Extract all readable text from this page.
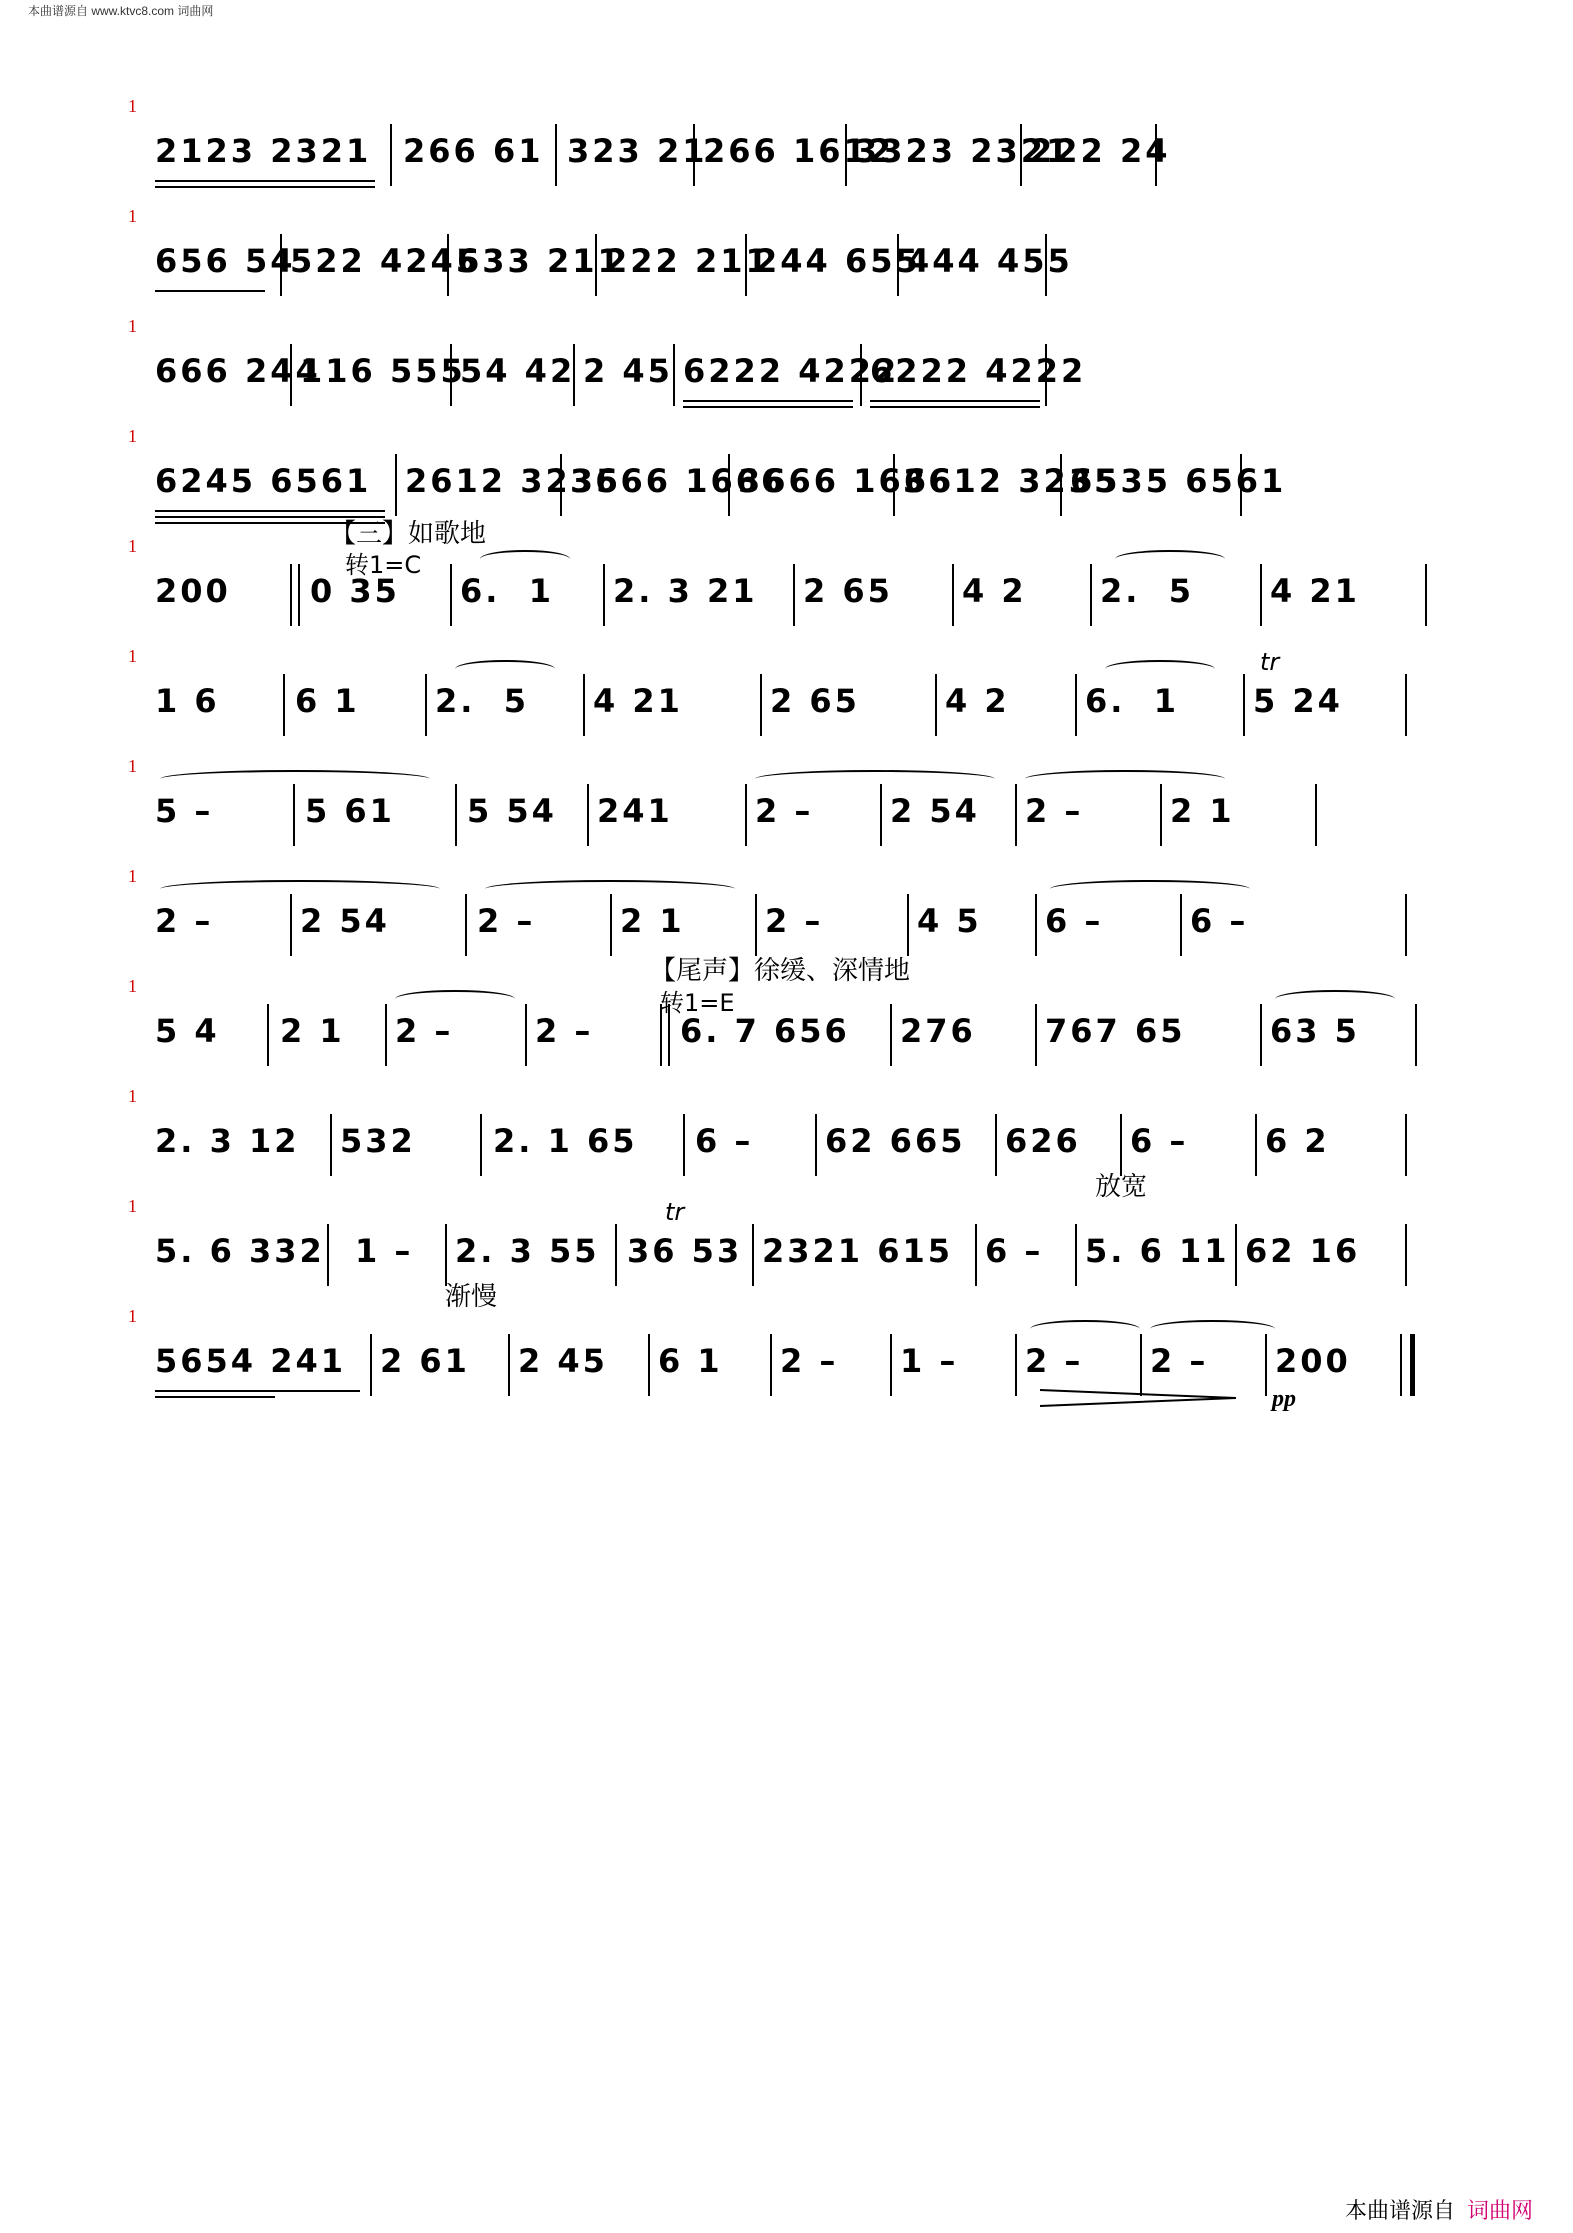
本曲谱源自 www.ktvc8.com 词曲网
1
2123 2321 266 61 323 21
266 1612
3323 2321
222 24
1
656 54
522 4245
633 211
222 211
244 655
444 455
1
666 244
116 555
54 42 2 45 6222 4222
6222 4222
1
6245 6561 2612 3235
3666 1666
3666 1666
3612 3235
6535 6561
【三】如歌地
转1=C
1
200 0 35 6.  1 2. 3 21 2 65 4 2 2.  5 4 21
1	tr
1 6 6 1 2.  5 4 21	2 65	4 2 6.  1 5 24
1
5 –	5 61 5 54 241	2 – 2 54 2 –	2 1
1
2 –	2 54	2 –	2 1	2 –	4 5 6 –	6 –
【尾声】徐缓、深情地
转1=E
1
5 4 2 1 2 –	2 –	6. 7 656 276 767 65	63 5
1
2. 3 12 532 2. 1 65 6 – 62 665 626 6 – 6 2
1
放宽
tr
5. 6 332 1 – 2. 3 55 36 53 2321 615 6 – 5. 6 11 62 16
1
渐慢
5654 241 2 61 2 45 6 1 2 – 1 – 2 – 2 – 200
pp
本曲谱源自 词曲网
